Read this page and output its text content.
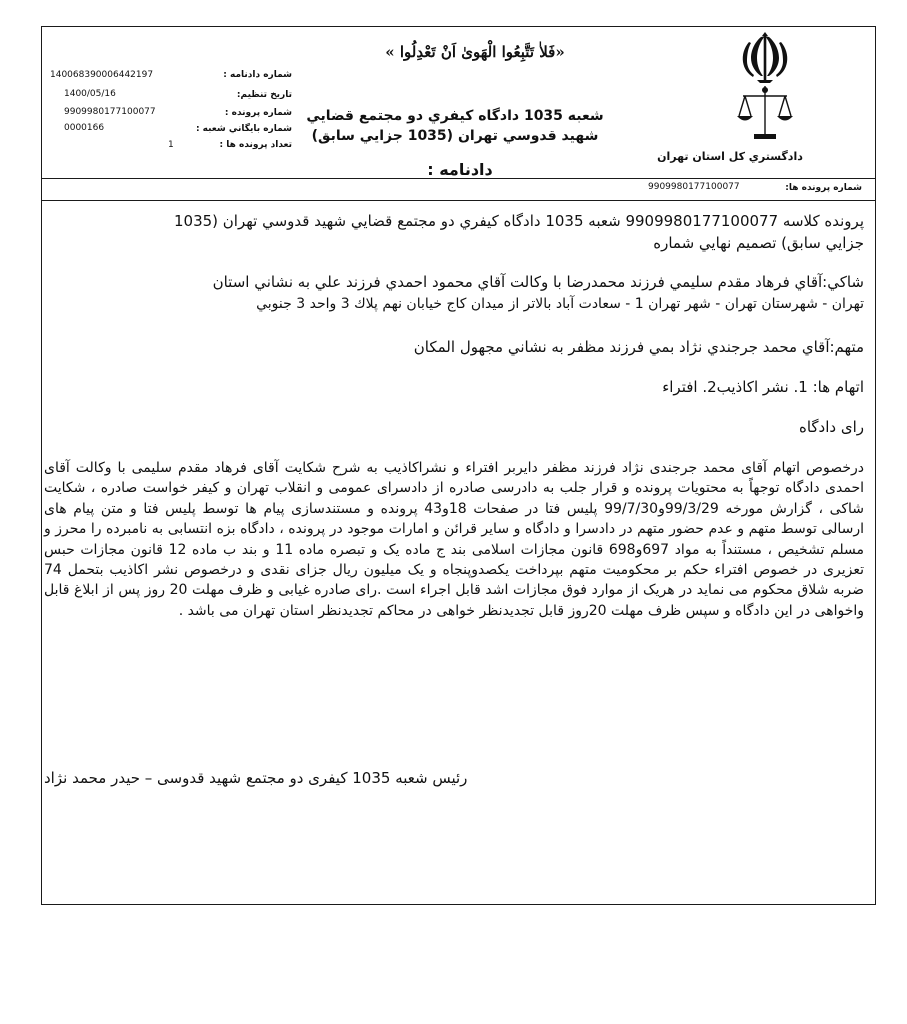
«فَلاٰ تَتَّبِعُوا الْهَوىٰ اَنْ تَعْدِلُوا »
دادگستري كل استان تهران
شعبه 1035 دادگاه كيفري دو مجتمع قضايي
شهيد قدوسي تهران (1035 جزايي سابق)
دادنامه :
شماره دادنامه :
140068390006442197
تاريخ تنظيم:
1400/05/16
شماره پرونده :
9909980177100077
شماره بايگاني شعبه :
0000166
تعداد پرونده ها :
1
شماره پرونده ها:
9909980177100077
پرونده كلاسه 9909980177100077 شعبه 1035 دادگاه كيفري دو مجتمع قضايي شهيد قدوسي تهران (1035
جزايي سابق) تصميم نهايي شماره
شاكي:آقاي فرهاد مقدم سليمي فرزند محمدرضا با وكالت آقاي محمود احمدي فرزند علي به نشاني استان
تهران - شهرستان تهران - شهر تهران 1 - سعادت آباد بالاتر از ميدان كاج خيابان نهم پلاك 3 واحد 3 جنوبي
متهم:آقاي محمد جرجندي نژاد بمي فرزند مظفر به نشاني مجهول المكان
اتهام ها: 1. نشر اكاذيب2. افتراء
راى دادگاه
درخصوص اتهام آقای محمد جرجندی نژاد فرزند مظفر دایربر افتراء و نشراکاذیب به شرح شکایت آقای فرهاد مقدم سلیمی با وکالت آقای احمدی دادگاه توجهاً به محتویات پرونده و قرار جلب به دادرسی صادره از دادسرای عمومی و انقلاب تهران و کیفر خواست صادره ، شکایت شاکی ، گزارش مورخه 99/3/29و99/7/30 پلیس فتا در صفحات 18و43 پرونده و مستندسازی پیام ها توسط پلیس فتا و متن پیام های ارسالی توسط متهم و عدم حضور متهم در دادسرا و دادگاه و سایر قرائن و امارات موجود در پرونده ، دادگاه بزه انتسابی به نامبرده را محرز و مسلم تشخیص ، مستنداً به مواد 697و698 قانون مجازات اسلامی بند ج ماده یک و تبصره ماده 11 و بند ب ماده 12 قانون مجازات حبس تعزیری در خصوص افتراء حکم بر محکومیت متهم بپرداخت یکصدوپنجاه و یک میلیون ریال جزای نقدی و درخصوص نشر اکاذیب بتحمل 74 ضربه شلاق محکوم می نماید در هریک از موارد فوق مجازات اشد قابل اجراء است .رای صادره غیابی و ظرف مهلت 20 روز پس از ابلاغ قابل واخواهی در این دادگاه و سپس ظرف مهلت 20روز قابل تجدیدنظر خواهی در محاکم تجدیدنظر استان تهران می باشد .
رئیس شعبه 1035 کیفری دو مجتمع شهید قدوسی – حیدر محمد نژاد
